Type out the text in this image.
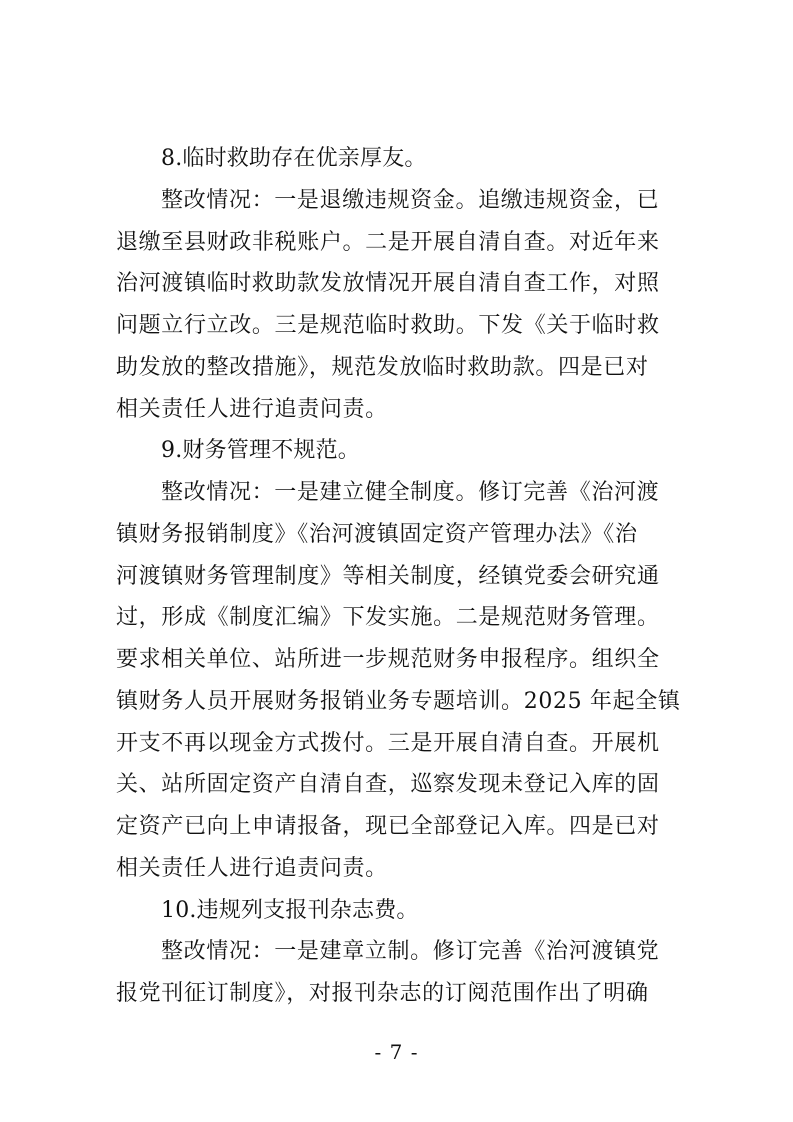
8.临时救助存在优亲厚友。
整改情况：一是退缴违规资金。追缴违规资金，已
退缴至县财政非税账户。二是开展自清自查。对近年来
治河渡镇临时救助款发放情况开展自清自查工作，对照
问题立行立改。三是规范临时救助。下发《关于临时救
助发放的整改措施》，规范发放临时救助款。四是已对
相关责任人进行追责问责。
9.财务管理不规范。
整改情况：一是建立健全制度。修订完善《治河渡
镇财务报销制度》《治河渡镇固定资产管理办法》《治
河渡镇财务管理制度》等相关制度，经镇党委会研究通
过，形成《制度汇编》下发实施。二是规范财务管理。
要求相关单位、站所进一步规范财务申报程序。组织全
镇财务人员开展财务报销业务专题培训。2025 年起全镇
开支不再以现金方式拨付。三是开展自清自查。开展机
关、站所固定资产自清自查，巡察发现未登记入库的固
定资产已向上申请报备，现已全部登记入库。四是已对
相关责任人进行追责问责。
10.违规列支报刊杂志费。
整改情况：一是建章立制。修订完善《治河渡镇党
报党刊征订制度》，对报刊杂志的订阅范围作出了明确
- 7 -
